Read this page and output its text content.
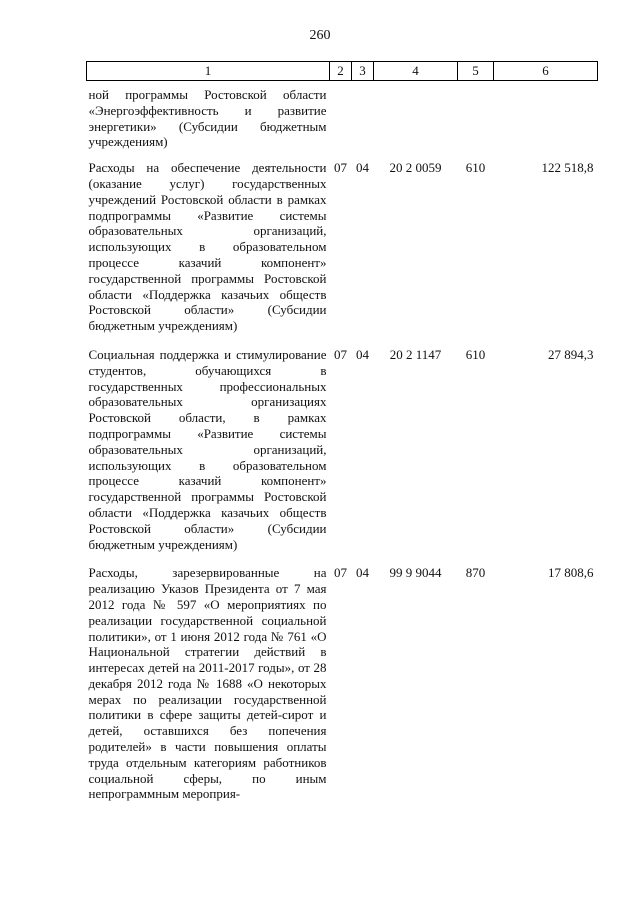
260
1	2	3	4	5	6
ной программы Ростовской области «Энергоэффективность и развитие энергетики» (Субсидии бюджетным учреждениям)					
Расходы на обеспечение деятельности (оказание услуг) государственных учреждений Ростовской области в рамках подпрограммы «Развитие системы образовательных организаций, использующих в образовательном процессе казачий компонент» государственной программы Ростовской области «Поддержка казачьих обществ Ростовской области» (Субсидии бюджетным учреждениям)	07	04	20 2 0059	610	122 518,8
Социальная поддержка и стимулирование студентов, обучающихся в государственных профессиональных образовательных организациях Ростовской области, в рамках подпрограммы «Развитие системы образовательных организаций, использующих в образовательном процессе казачий компонент» государственной программы Ростовской области «Поддержка казачьих обществ Ростовской области» (Субсидии бюджетным учреждениям)	07	04	20 2 1147	610	27 894,3
Расходы, зарезервированные на реализацию Указов Президента от 7 мая 2012 года № 597 «О мероприятиях по реализации государственной социальной политики», от 1 июня 2012 года № 761 «О Национальной стратегии действий в интересах детей на 2011-2017 годы», от 28 декабря 2012 года № 1688 «О некоторых мерах по реализации государственной политики в сфере защиты детей-сирот и детей, оставшихся без попечения родителей» в части повышения оплаты труда отдельным категориям работников социальной сферы, по иным непрограммным мероприя-	07	04	99 9 9044	870	17 808,6
